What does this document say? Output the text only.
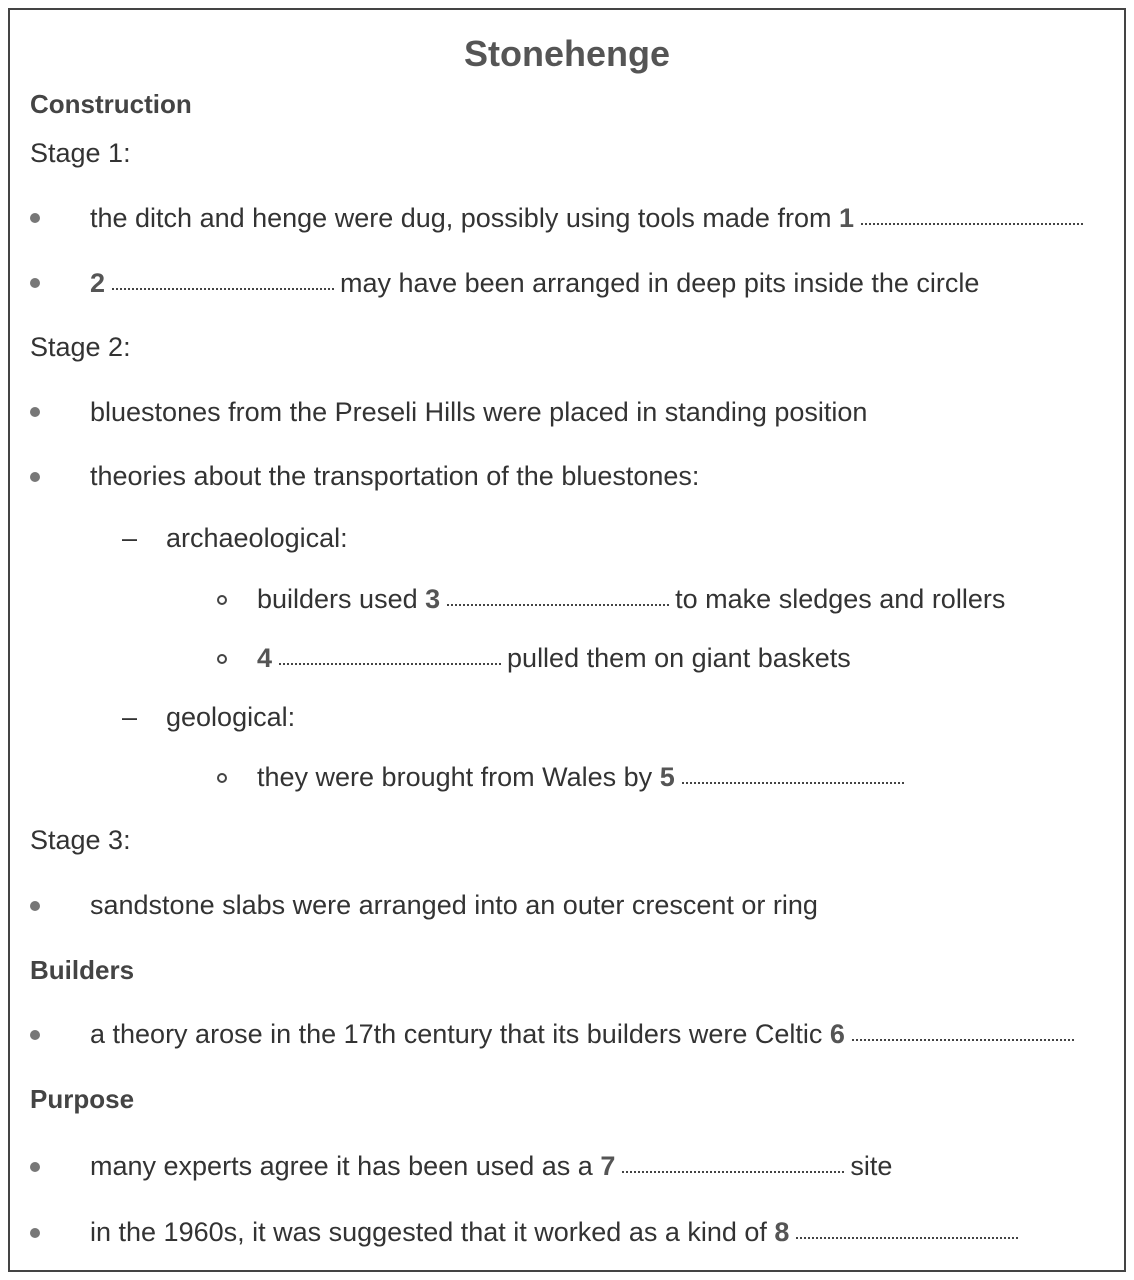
Stonehenge
Construction
Stage 1:
the ditch and henge were dug, possibly using tools made from 1
2	may have been arranged in deep pits inside the circle
Stage 2:
bluestones from the Preseli Hills were placed in standing position
theories about the transportation of the bluestones:
– archaeological:
builders used 3	to make sledges and rollers
4	pulled them on giant baskets
– geological:
they were brought from Wales by 5
Stage 3:
sandstone slabs were arranged into an outer crescent or ring
Builders
a theory arose in the 17th century that its builders were Celtic 6
Purpose
many experts agree it has been used as a 7	site
in the 1960s, it was suggested that it worked as a kind of 8
